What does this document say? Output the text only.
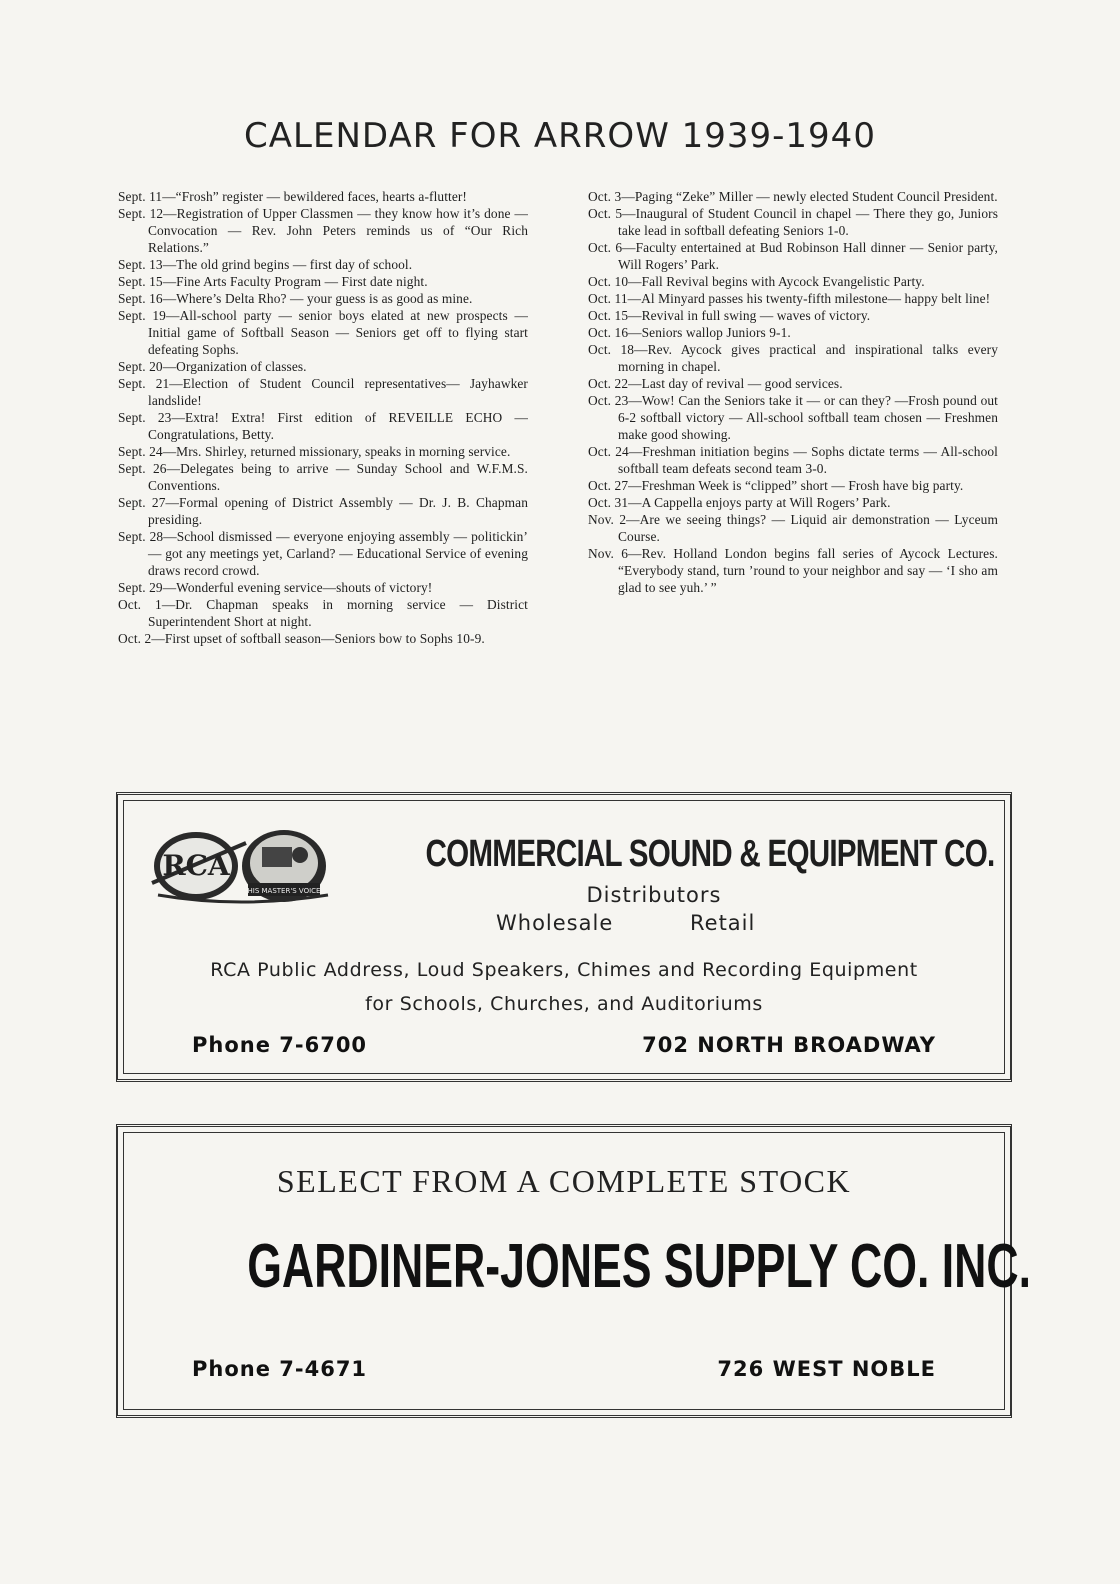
CALENDAR FOR ARROW 1939-1940

Sept. 11—“Frosh” register — bewildered faces, hearts a-flutter!

Sept. 12—Registration of Upper Classmen — they know how it’s done — Convocation — Rev. John Peters reminds us of “Our Rich Relations.”

Sept. 13—The old grind begins — first day of school.

Sept. 15—Fine Arts Faculty Program — First date night.

Sept. 16—Where’s Delta Rho? — your guess is as good as mine.

Sept. 19—All-school party — senior boys elated at new prospects — Initial game of Softball Season — Seniors get off to flying start defeating Sophs.

Sept. 20—Organization of classes.

Sept. 21—Election of Student Council representatives— Jayhawker landslide!

Sept. 23—Extra! Extra! First edition of REVEILLE ECHO — Congratulations, Betty.

Sept. 24—Mrs. Shirley, returned missionary, speaks in morning service.

Sept. 26—Delegates being to arrive — Sunday School and W.F.M.S. Conventions.

Sept. 27—Formal opening of District Assembly — Dr. J. B. Chapman presiding.

Sept. 28—School dismissed — everyone enjoying assembly — politickin’ — got any meetings yet, Carland? — Educational Service of evening draws record crowd.

Sept. 29—Wonderful evening service—shouts of victory!

Oct. 1—Dr. Chapman speaks in morning service — District Superintendent Short at night.

Oct. 2—First upset of softball season—Seniors bow to Sophs 10-9.

Oct. 3—Paging “Zeke” Miller — newly elected Student Council President.

Oct. 5—Inaugural of Student Council in chapel — There they go, Juniors take lead in softball defeating Seniors 1-0.

Oct. 6—Faculty entertained at Bud Robinson Hall dinner — Senior party, Will Rogers’ Park.

Oct. 10—Fall Revival begins with Aycock Evangelistic Party.

Oct. 11—Al Minyard passes his twenty-fifth milestone— happy belt line!

Oct. 15—Revival in full swing — waves of victory.

Oct. 16—Seniors wallop Juniors 9-1.

Oct. 18—Rev. Aycock gives practical and inspirational talks every morning in chapel.

Oct. 22—Last day of revival — good services.

Oct. 23—Wow! Can the Seniors take it — or can they? —Frosh pound out 6-2 softball victory — All-school softball team chosen — Freshmen make good showing.

Oct. 24—Freshman initiation begins — Sophs dictate terms — All-school softball team defeats second team 3-0.

Oct. 27—Freshman Week is “clipped” short — Frosh have big party.

Oct. 31—A Cappella enjoys party at Will Rogers’ Park.

Nov. 2—Are we seeing things? — Liquid air demonstration — Lyceum Course.

Nov. 6—Rev. Holland London begins fall series of Aycock Lectures. “Everybody stand, turn ’round to your neighbor and say — ‘I sho am glad to see yuh.’ ”

RCA
HIS MASTER'S VOICE
COMMERCIAL SOUND & EQUIPMENT CO.
Distributors
Wholesale	Retail
RCA Public Address, Loud Speakers, Chimes and Recording Equipment
for Schools, Churches, and Auditoriums
Phone 7-6700	702 NORTH BROADWAY
SELECT FROM A COMPLETE STOCK
GARDINER-JONES SUPPLY CO. INC.
Phone 7-4671	726 WEST NOBLE
